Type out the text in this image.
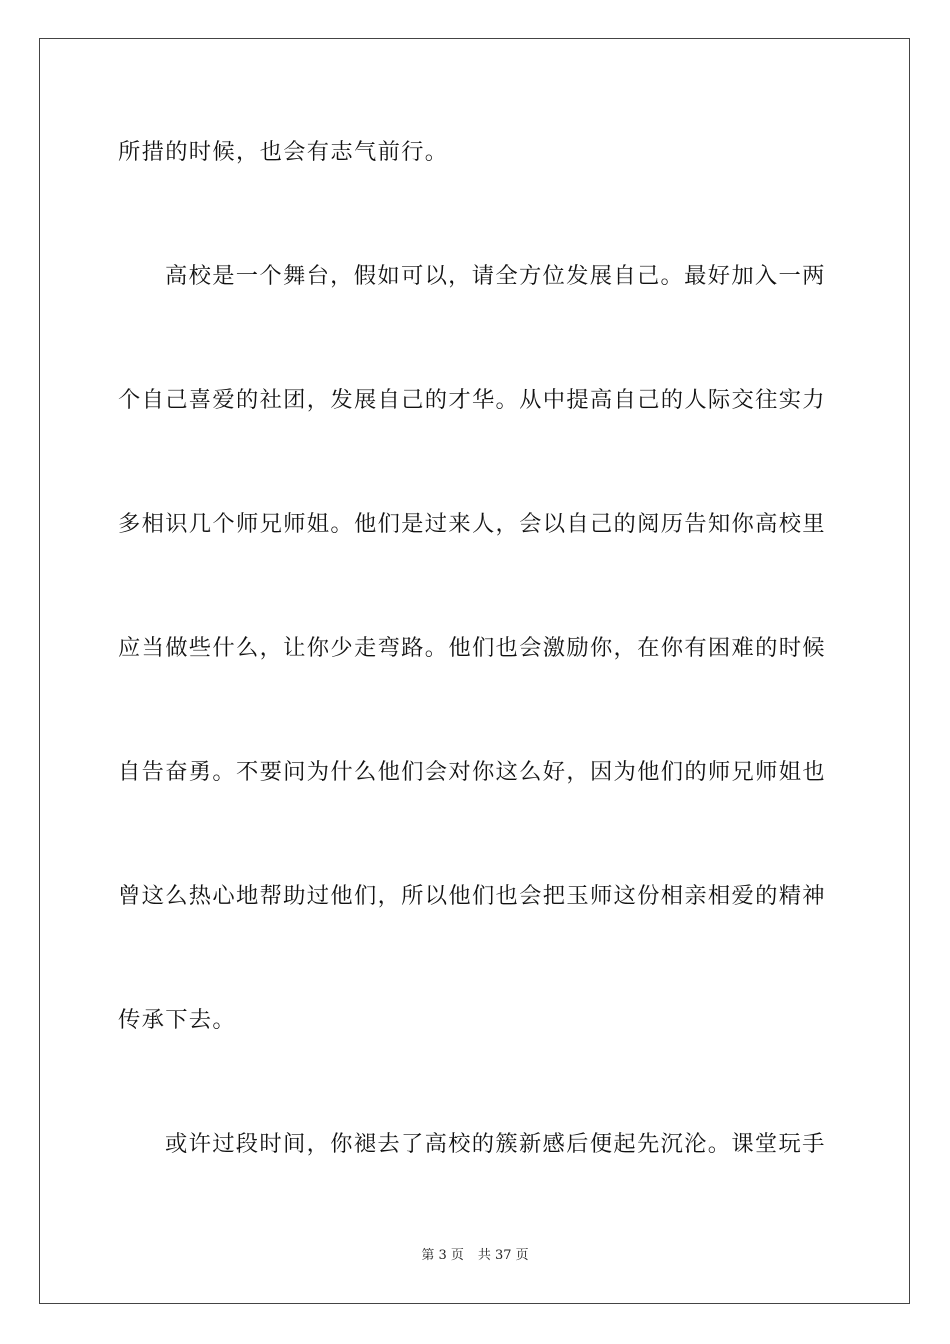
所措的时候，也会有志气前行。
高校是一个舞台，假如可以，请全方位发展自己。最好加入一两
个自己喜爱的社团，发展自己的才华。从中提高自己的人际交往实力
多相识几个师兄师姐。他们是过来人，会以自己的阅历告知你高校里
应当做些什么，让你少走弯路。他们也会激励你，在你有困难的时候
自告奋勇。不要问为什么他们会对你这么好，因为他们的师兄师姐也
曾这么热心地帮助过他们，所以他们也会把玉师这份相亲相爱的精神
传承下去。
或许过段时间，你褪去了高校的簇新感后便起先沉沦。课堂玩手
第 3 页 共 37 页
